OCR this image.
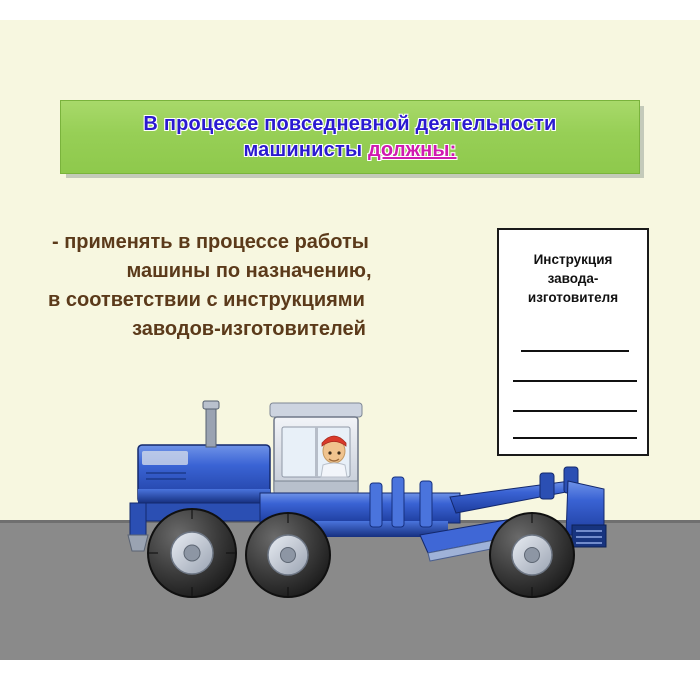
В процессе повседневной деятельности
машинисты должны:
- применять в процессе работы
машины по назначению,
в соответствии с инструкциями
заводов-изготовителей
Инструкция
завода-
изготовителя
